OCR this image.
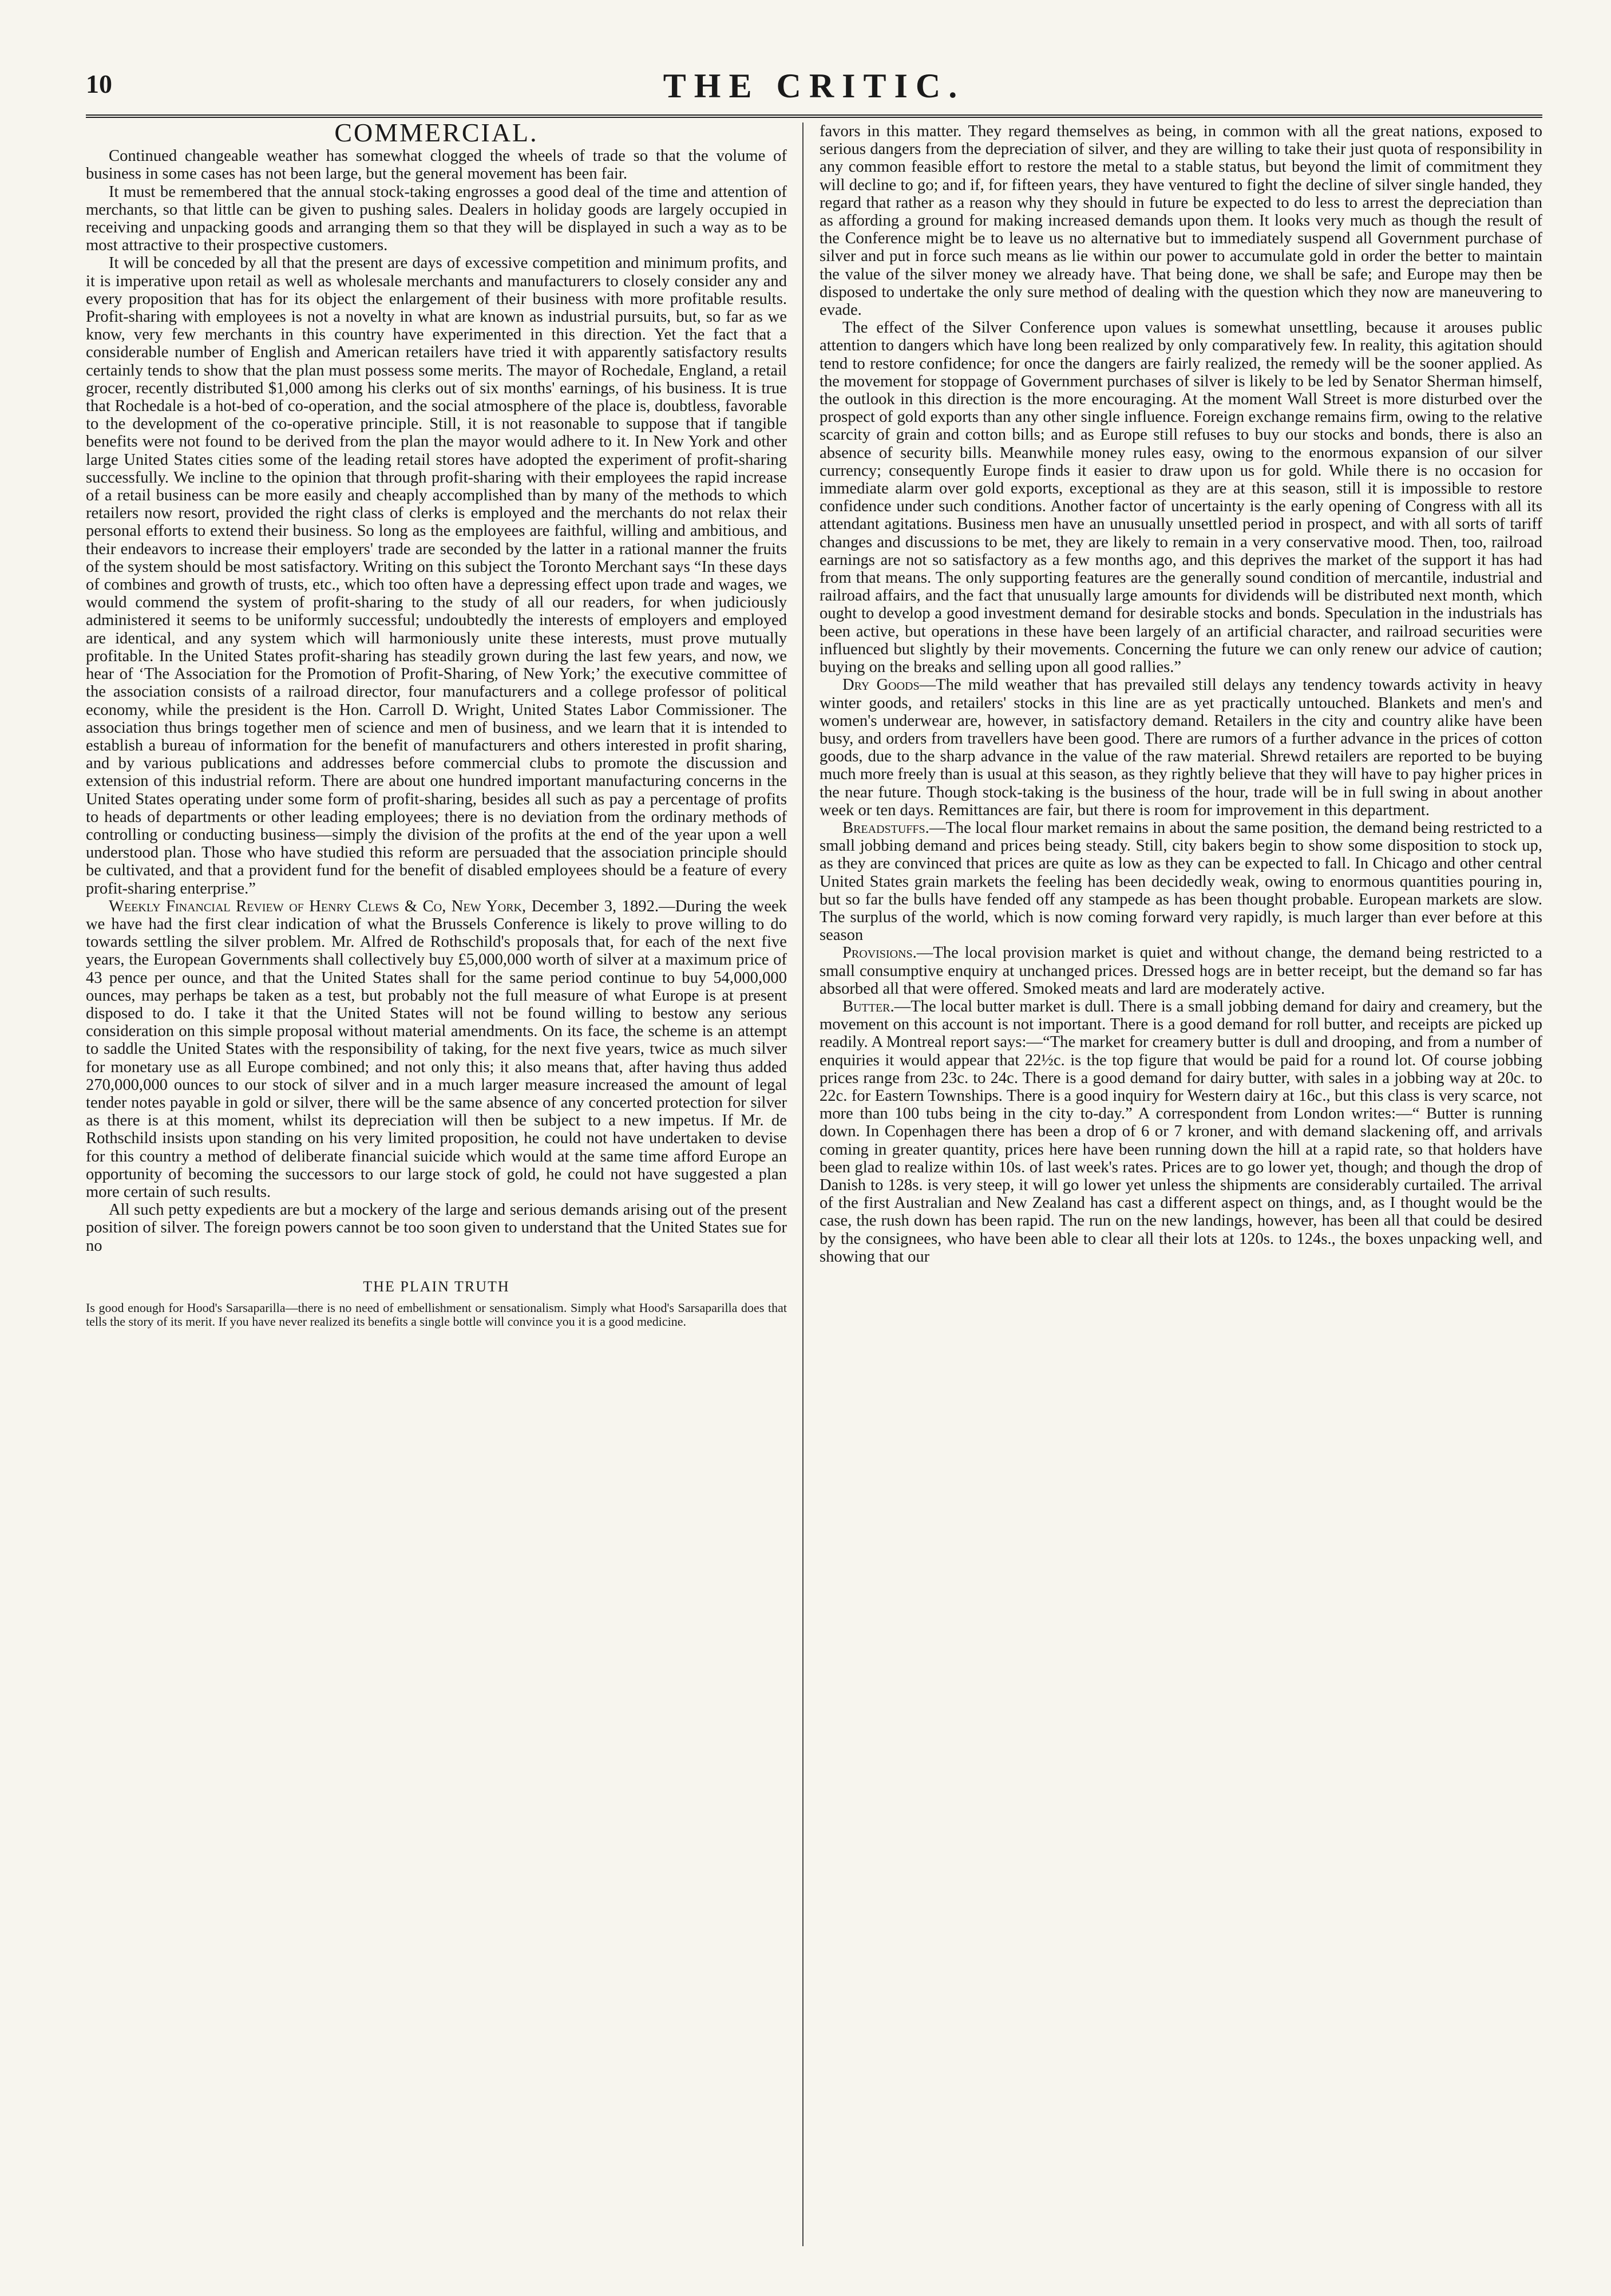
10	THE CRITIC.
COMMERCIAL.

Continued changeable weather has somewhat clogged the wheels of trade so that the volume of business in some cases has not been large, but the general movement has been fair.

It must be remembered that the annual stock-taking engrosses a good deal of the time and attention of merchants, so that little can be given to pushing sales. Dealers in holiday goods are largely occupied in receiving and unpacking goods and arranging them so that they will be displayed in such a way as to be most attractive to their prospective customers.

It will be conceded by all that the present are days of excessive competition and minimum profits, and it is imperative upon retail as well as wholesale merchants and manufacturers to closely consider any and every proposition that has for its object the enlargement of their business with more profitable results. Profit-sharing with employees is not a novelty in what are known as industrial pursuits, but, so far as we know, very few merchants in this country have experimented in this direction. Yet the fact that a considerable number of English and American retailers have tried it with apparently satisfactory results certainly tends to show that the plan must possess some merits. The mayor of Rochedale, England, a retail grocer, recently distributed $1,000 among his clerks out of six months' earnings, of his business. It is true that Rochedale is a hot-bed of co-operation, and the social atmosphere of the place is, doubtless, favorable to the development of the co-operative principle. Still, it is not reasonable to suppose that if tangible benefits were not found to be derived from the plan the mayor would adhere to it. In New York and other large United States cities some of the leading retail stores have adopted the experiment of profit-sharing successfully. We incline to the opinion that through profit-sharing with their employees the rapid increase of a retail business can be more easily and cheaply accomplished than by many of the methods to which retailers now resort, provided the right class of clerks is employed and the merchants do not relax their personal efforts to extend their business. So long as the employees are faithful, willing and ambitious, and their endeavors to increase their employers' trade are seconded by the latter in a rational manner the fruits of the system should be most satisfactory. Writing on this subject the Toronto Merchant says “In these days of combines and growth of trusts, etc., which too often have a depressing effect upon trade and wages, we would commend the system of profit-sharing to the study of all our readers, for when judiciously administered it seems to be uniformly successful; undoubtedly the interests of employers and employed are identical, and any system which will harmoniously unite these interests, must prove mutually profitable. In the United States profit-sharing has steadily grown during the last few years, and now, we hear of ‘The Association for the Promotion of Profit-Sharing, of New York;’ the executive committee of the association consists of a railroad director, four manufacturers and a college professor of political economy, while the president is the Hon. Carroll D. Wright, United States Labor Commissioner. The association thus brings together men of science and men of business, and we learn that it is intended to establish a bureau of information for the benefit of manufacturers and others interested in profit sharing, and by various publications and addresses before commercial clubs to promote the discussion and extension of this industrial reform. There are about one hundred important manufacturing concerns in the United States operating under some form of profit-sharing, besides all such as pay a percentage of profits to heads of departments or other leading employees; there is no deviation from the ordinary methods of controlling or conducting business—simply the division of the profits at the end of the year upon a well understood plan. Those who have studied this reform are persuaded that the association principle should be cultivated, and that a provident fund for the benefit of disabled employees should be a feature of every profit-sharing enterprise.”

Weekly Financial Review of Henry Clews & Co, New York, December 3, 1892.—During the week we have had the first clear indication of what the Brussels Conference is likely to prove willing to do towards settling the silver problem. Mr. Alfred de Rothschild's proposals that, for each of the next five years, the European Governments shall collectively buy £5,000,000 worth of silver at a maximum price of 43 pence per ounce, and that the United States shall for the same period continue to buy 54,000,000 ounces, may perhaps be taken as a test, but probably not the full measure of what Europe is at present disposed to do. I take it that the United States will not be found willing to bestow any serious consideration on this simple proposal without material amendments. On its face, the scheme is an attempt to saddle the United States with the responsibility of taking, for the next five years, twice as much silver for monetary use as all Europe combined; and not only this; it also means that, after having thus added 270,000,000 ounces to our stock of silver and in a much larger measure increased the amount of legal tender notes payable in gold or silver, there will be the same absence of any concerted protection for silver as there is at this moment, whilst its depreciation will then be subject to a new impetus. If Mr. de Rothschild insists upon standing on his very limited proposition, he could not have undertaken to devise for this country a method of deliberate financial suicide which would at the same time afford Europe an opportunity of becoming the successors to our large stock of gold, he could not have suggested a plan more certain of such results.

All such petty expedients are but a mockery of the large and serious demands arising out of the present position of silver. The foreign powers cannot be too soon given to understand that the United States sue for no

THE PLAIN TRUTH

Is good enough for Hood's Sarsaparilla—there is no need of embellishment or sensationalism. Simply what Hood's Sarsaparilla does that tells the story of its merit. If you have never realized its benefits a single bottle will convince you it is a good medicine.

favors in this matter. They regard themselves as being, in common with all the great nations, exposed to serious dangers from the depreciation of silver, and they are willing to take their just quota of responsibility in any common feasible effort to restore the metal to a stable status, but beyond the limit of commitment they will decline to go; and if, for fifteen years, they have ventured to fight the decline of silver single handed, they regard that rather as a reason why they should in future be expected to do less to arrest the depreciation than as affording a ground for making increased demands upon them. It looks very much as though the result of the Conference might be to leave us no alternative but to immediately suspend all Government purchase of silver and put in force such means as lie within our power to accumulate gold in order the better to maintain the value of the silver money we already have. That being done, we shall be safe; and Europe may then be disposed to undertake the only sure method of dealing with the question which they now are maneuvering to evade.

The effect of the Silver Conference upon values is somewhat unsettling, because it arouses public attention to dangers which have long been realized by only comparatively few. In reality, this agitation should tend to restore confidence; for once the dangers are fairly realized, the remedy will be the sooner applied. As the movement for stoppage of Government purchases of silver is likely to be led by Senator Sherman himself, the outlook in this direction is the more encouraging. At the moment Wall Street is more disturbed over the prospect of gold exports than any other single influence. Foreign exchange remains firm, owing to the relative scarcity of grain and cotton bills; and as Europe still refuses to buy our stocks and bonds, there is also an absence of security bills. Meanwhile money rules easy, owing to the enormous expansion of our silver currency; consequently Europe finds it easier to draw upon us for gold. While there is no occasion for immediate alarm over gold exports, exceptional as they are at this season, still it is impossible to restore confidence under such conditions. Another factor of uncertainty is the early opening of Congress with all its attendant agitations. Business men have an unusually unsettled period in prospect, and with all sorts of tariff changes and discussions to be met, they are likely to remain in a very conservative mood. Then, too, railroad earnings are not so satisfactory as a few months ago, and this deprives the market of the support it has had from that means. The only supporting features are the generally sound condition of mercantile, industrial and railroad affairs, and the fact that unusually large amounts for dividends will be distributed next month, which ought to develop a good investment demand for desirable stocks and bonds. Speculation in the industrials has been active, but operations in these have been largely of an artificial character, and railroad securities were influenced but slightly by their movements. Concerning the future we can only renew our advice of caution; buying on the breaks and selling upon all good rallies.”

Dry Goods—The mild weather that has prevailed still delays any tendency towards activity in heavy winter goods, and retailers' stocks in this line are as yet practically untouched. Blankets and men's and women's underwear are, however, in satisfactory demand. Retailers in the city and country alike have been busy, and orders from travellers have been good. There are rumors of a further advance in the prices of cotton goods, due to the sharp advance in the value of the raw material. Shrewd retailers are reported to be buying much more freely than is usual at this season, as they rightly believe that they will have to pay higher prices in the near future. Though stock-taking is the business of the hour, trade will be in full swing in about another week or ten days. Remittances are fair, but there is room for improvement in this department.

Breadstuffs.—The local flour market remains in about the same position, the demand being restricted to a small jobbing demand and prices being steady. Still, city bakers begin to show some disposition to stock up, as they are convinced that prices are quite as low as they can be expected to fall. In Chicago and other central United States grain markets the feeling has been decidedly weak, owing to enormous quantities pouring in, but so far the bulls have fended off any stampede as has been thought probable. European markets are slow. The surplus of the world, which is now coming forward very rapidly, is much larger than ever before at this season

Provisions.—The local provision market is quiet and without change, the demand being restricted to a small consumptive enquiry at unchanged prices. Dressed hogs are in better receipt, but the demand so far has absorbed all that were offered. Smoked meats and lard are moderately active.

Butter.—The local butter market is dull. There is a small jobbing demand for dairy and creamery, but the movement on this account is not important. There is a good demand for roll butter, and receipts are picked up readily. A Montreal report says:—“The market for creamery butter is dull and drooping, and from a number of enquiries it would appear that 22½c. is the top figure that would be paid for a round lot. Of course jobbing prices range from 23c. to 24c. There is a good demand for dairy butter, with sales in a jobbing way at 20c. to 22c. for Eastern Townships. There is a good inquiry for Western dairy at 16c., but this class is very scarce, not more than 100 tubs being in the city to-day.” A correspondent from London writes:—“ Butter is running down. In Copenhagen there has been a drop of 6 or 7 kroner, and with demand slackening off, and arrivals coming in greater quantity, prices here have been running down the hill at a rapid rate, so that holders have been glad to realize within 10s. of last week's rates. Prices are to go lower yet, though; and though the drop of Danish to 128s. is very steep, it will go lower yet unless the shipments are considerably curtailed. The arrival of the first Australian and New Zealand has cast a different aspect on things, and, as I thought would be the case, the rush down has been rapid. The run on the new landings, however, has been all that could be desired by the consignees, who have been able to clear all their lots at 120s. to 124s., the boxes unpacking well, and showing that our
